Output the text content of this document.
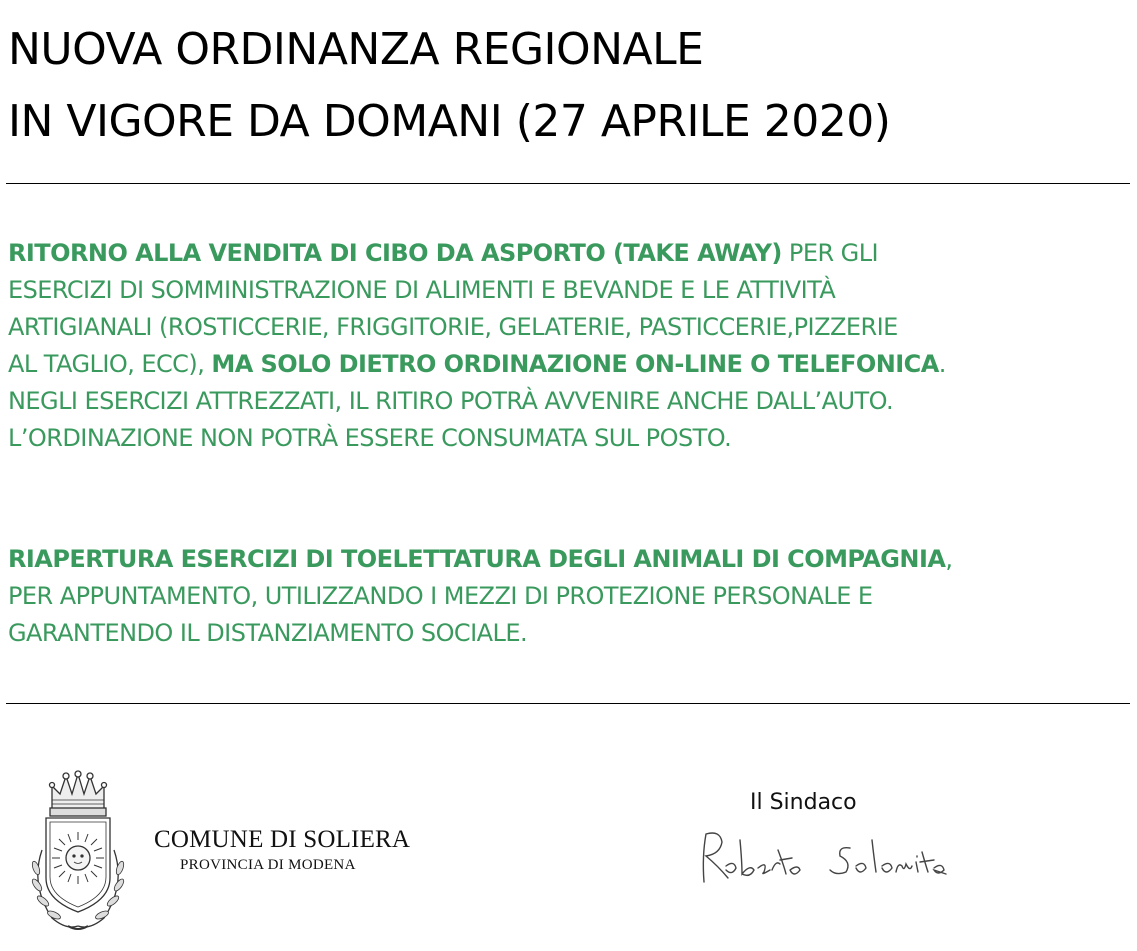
NUOVA ORDINANZA REGIONALE
IN VIGORE DA DOMANI (27 APRILE 2020)

RITORNO ALLA VENDITA DI CIBO DA ASPORTO (TAKE AWAY) PER GLI
ESERCIZI DI SOMMINISTRAZIONE DI ALIMENTI E BEVANDE E LE ATTIVITÀ
ARTIGIANALI (ROSTICCERIE, FRIGGITORIE, GELATERIE, PASTICCERIE,PIZZERIE
AL TAGLIO, ECC), MA SOLO DIETRO ORDINAZIONE ON-LINE O TELEFONICA.
NEGLI ESERCIZI ATTREZZATI, IL RITIRO POTRÀ AVVENIRE ANCHE DALL’AUTO.
L’ORDINAZIONE NON POTRÀ ESSERE CONSUMATA SUL POSTO.

RIAPERTURA ESERCIZI DI TOELETTATURA DEGLI ANIMALI DI COMPAGNIA,
PER APPUNTAMENTO, UTILIZZANDO I MEZZI DI PROTEZIONE PERSONALE E
GARANTENDO IL DISTANZIAMENTO SOCIALE.

COMUNE DI SOLIERA
PROVINCIA DI MODENA
Il Sindaco
